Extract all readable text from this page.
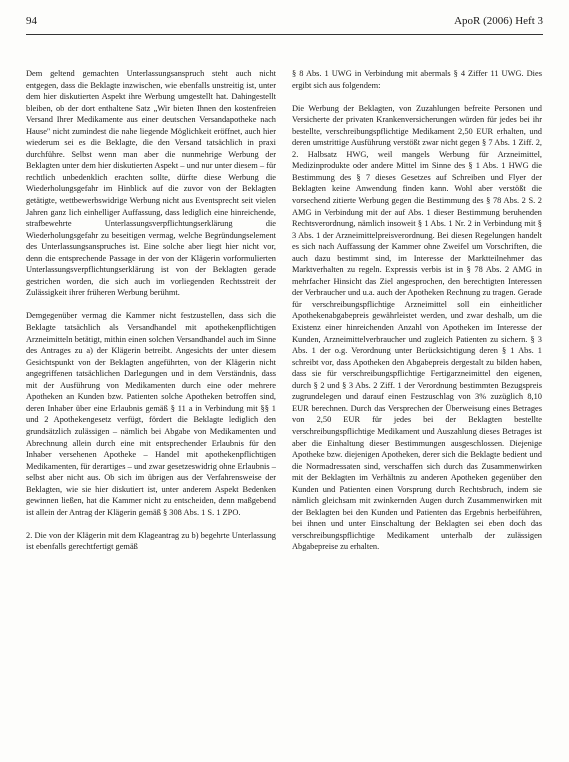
94	ApoR (2006) Heft 3

Dem geltend gemachten Unterlassungsanspruch steht auch nicht entgegen, dass die Beklagte inzwischen, wie ebenfalls unstreitig ist, unter dem hier diskutierten Aspekt ihre Werbung umgestellt hat. Dahingestellt bleiben, ob der dort enthaltene Satz „Wir bieten Ihnen den kostenfreien Versand Ihrer Medikamente aus einer deutschen Versandapotheke nach Hause" nicht zumindest die nahe liegende Möglichkeit eröffnet, auch hier wiederum sei es die Beklagte, die den Versand tatsächlich in praxi durchführe. Selbst wenn man aber die nunmehrige Werbung der Beklagten unter dem hier diskutierten Aspekt – und nur unter diesem – für rechtlich unbedenklich erachten sollte, dürfte diese Werbung die Wiederholungsgefahr im Hinblick auf die zuvor von der Beklagten getätigte, wettbewerbswidrige Werbung nicht aus Eventsprecht seit vielen Jahren ganz lich einhelliger Auffassung, dass lediglich eine hinreichende, strafbewehrte Unterlassungsverpflichtungserklärung die Wiederholungsgefahr zu beseitigen vermag, welche Begründungselement des Unterlassungsanspruches ist. Eine solche aber liegt hier nicht vor, denn die entsprechende Passage in der von der Klägerin vorformulierten Unterlassungsverpflichtungserklärung ist von der Beklagten gerade gestrichen worden, die sich auch im vorliegenden Rechtsstreit der Zulässigkeit ihrer früheren Werbung berühmt.

Demgegenüber vermag die Kammer nicht festzustellen, dass sich die Beklagte tatsächlich als Versandhandel mit apothekenpflichtigen Arzneimitteln betätigt, mithin einen solchen Versandhandel auch im Sinne des Antrages zu a) der Klägerin betreibt. Angesichts der unter diesem Gesichtspunkt von der Beklagten angeführten, von der Klägerin nicht angegriffenen tatsächlichen Darlegungen und in dem Verständnis, dass mit der Ausführung von Medikamenten durch eine oder mehrere Apotheken an Kunden bzw. Patienten solche Apotheken betroffen sind, deren Inhaber über eine Erlaubnis gemäß § 11 a in Verbindung mit §§ 1 und 2 Apothekengesetz verfügt, fördert die Beklagte lediglich den grundsätzlich zulässigen – nämlich bei Abgabe von Medikamenten und Abrechnung allein durch eine mit entsprechender Erlaubnis für den Inhaber versehenen Apotheke – Handel mit apothekenpflichtigen Medikamenten, für derartiges – und zwar gesetzeswidrig ohne Erlaubnis – selbst aber nicht aus. Ob sich im übrigen aus der Verfahrensweise der Beklagten, wie sie hier diskutiert ist, unter anderem Aspekt Bedenken gewinnen ließen, hat die Kammer nicht zu entscheiden, denn maßgebend ist allein der Antrag der Klägerin gemäß § 308 Abs. 1 S. 1 ZPO.

2. Die von der Klägerin mit dem Klageantrag zu b) begehrte Unterlassung ist ebenfalls gerechtfertigt gemäß

§ 8 Abs. 1 UWG in Verbindung mit abermals § 4 Ziffer 11 UWG. Dies ergibt sich aus folgendem:

Die Werbung der Beklagten, von Zuzahlungen befreite Personen und Versicherte der privaten Krankenversicherungen würden für jedes bei ihr bestellte, verschreibungspflichtige Medikament 2,50 EUR erhalten, und deren umstrittige Ausführung verstößt zwar nicht gegen § 7 Abs. 1 Ziff. 2, 2. Halbsatz HWG, weil mangels Werbung für Arzneimittel, Medizinprodukte oder andere Mittel im Sinne des § 1 Abs. 1 HWG die Bestimmung des § 7 dieses Gesetzes auf Schreiben und Flyer der Beklagten keine Anwendung finden kann. Wohl aber verstößt die vorsechend zitierte Werbung gegen die Bestimmung des § 78 Abs. 2 S. 2 AMG in Verbindung mit der auf Abs. 1 dieser Bestimmung beruhenden Rechtsverordnung, nämlich insoweit § 1 Abs. 1 Nr. 2 in Verbindung mit § 3 Abs. 1 der Arzneimittelpreisverordnung. Bei diesen Regelungen handelt es sich nach Auffassung der Kammer ohne Zweifel um Vorschriften, die auch dazu bestimmt sind, im Interesse der Marktteilnehmer das Marktverhalten zu regeln. Expressis verbis ist in § 78 Abs. 2 AMG in mehrfacher Hinsicht das Ziel angesprochen, den berechtigten Interessen der Verbraucher und u.a. auch der Apotheken Rechnung zu tragen. Gerade für verschreibungspflichtige Arzneimittel soll ein einheitlicher Apothekenabgabepreis gewährleistet werden, und zwar deshalb, um die Existenz einer hinreichenden Anzahl von Apotheken im Interesse der Kunden, Arzneimittelverbraucher und zugleich Patienten zu sichern. § 3 Abs. 1 der o.g. Verordnung unter Berücksichtigung deren § 1 Abs. 1 schreibt vor, dass Apotheken den Abgabepreis dergestalt zu bilden haben, dass sie für verschreibungspflichtige Fertigarzneimittel den eigenen, durch § 2 und § 3 Abs. 2 Ziff. 1 der Verordnung bestimmten Bezugspreis zugrundelegen und darauf einen Festzuschlag von 3% zuzüglich 8,10 EUR berechnen. Durch das Versprechen der Überweisung eines Betrages von 2,50 EUR für jedes bei der Beklagten bestellte verschreibungspflichtige Medikament und Auszahlung dieses Betrages ist aber die Einhaltung dieser Bestimmungen ausgeschlossen. Diejenige Apotheke bzw. diejenigen Apotheken, derer sich die Beklagte bedient und die Normadressaten sind, verschaffen sich durch das Zusammenwirken mit der Beklagten im Verhältnis zu anderen Apotheken gegenüber den Kunden und Patienten einen Vorsprung durch Rechtsbruch, indem sie nämlich gleichsam mit zwinkernden Augen durch Zusammenwirken mit der Beklagten bei den Kunden und Patienten das Ergebnis herbeiführen, bei ihnen und unter Einschaltung der Beklagten sei eben doch das verschreibungspflichtige Medikament unterhalb der zulässigen Abgabepreise zu erhalten.
